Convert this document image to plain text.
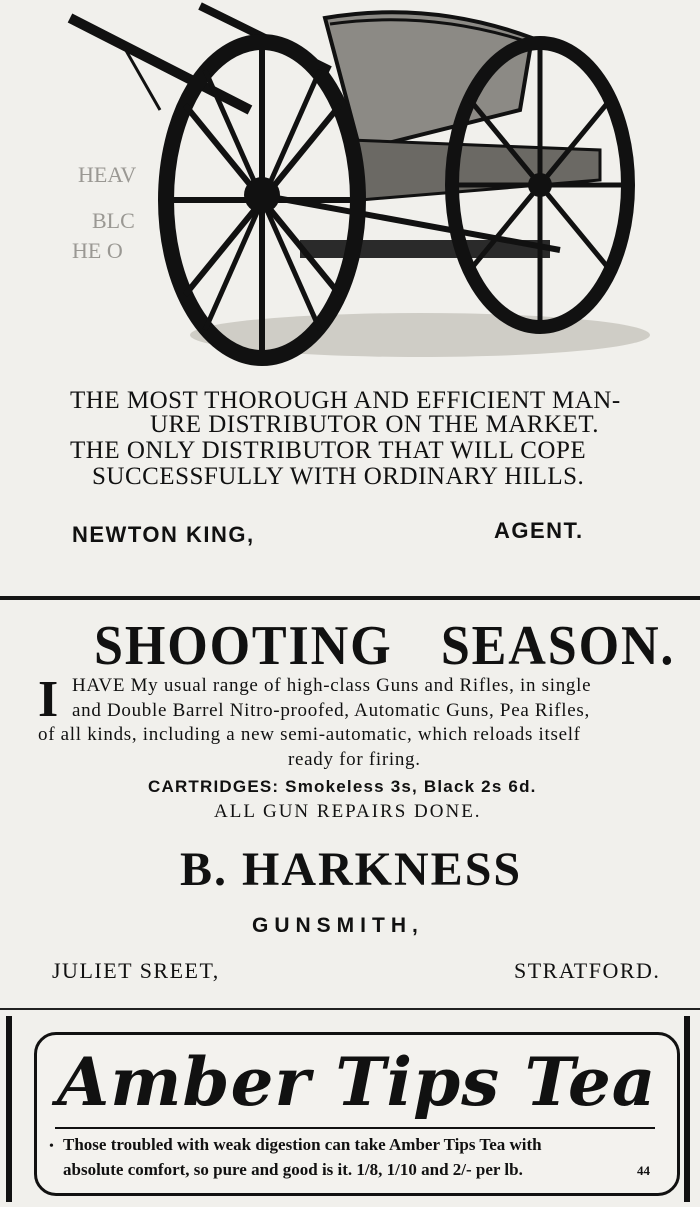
HEAV
BLC
HE O
THE MOST THOROUGH AND EFFICIENT MAN-
URE DISTRIBUTOR ON THE MARKET.
THE ONLY DISTRIBUTOR THAT WILL COPE
SUCCESSFULLY WITH ORDINARY HILLS.
NEWTON KING,	AGENT.
SHOOTING SEASON.
I HAVE My usual range of high-class Guns and Rifles, in single
and Double Barrel Nitro-proofed, Automatic Guns, Pea Rifles,
of all kinds, including a new semi-automatic, which reloads itself
ready for firing.
CARTRIDGES: Smokeless 3s, Black 2s 6d.
ALL GUN REPAIRS DONE.
B. HARKNESS
GUNSMITH,
JULIET SREET,	STRATFORD.
Amber Tips Tea
• Those troubled with weak digestion can take Amber Tips Tea with
absolute comfort, so pure and good is it. 1/8, 1/10 and 2/- per lb.	44
